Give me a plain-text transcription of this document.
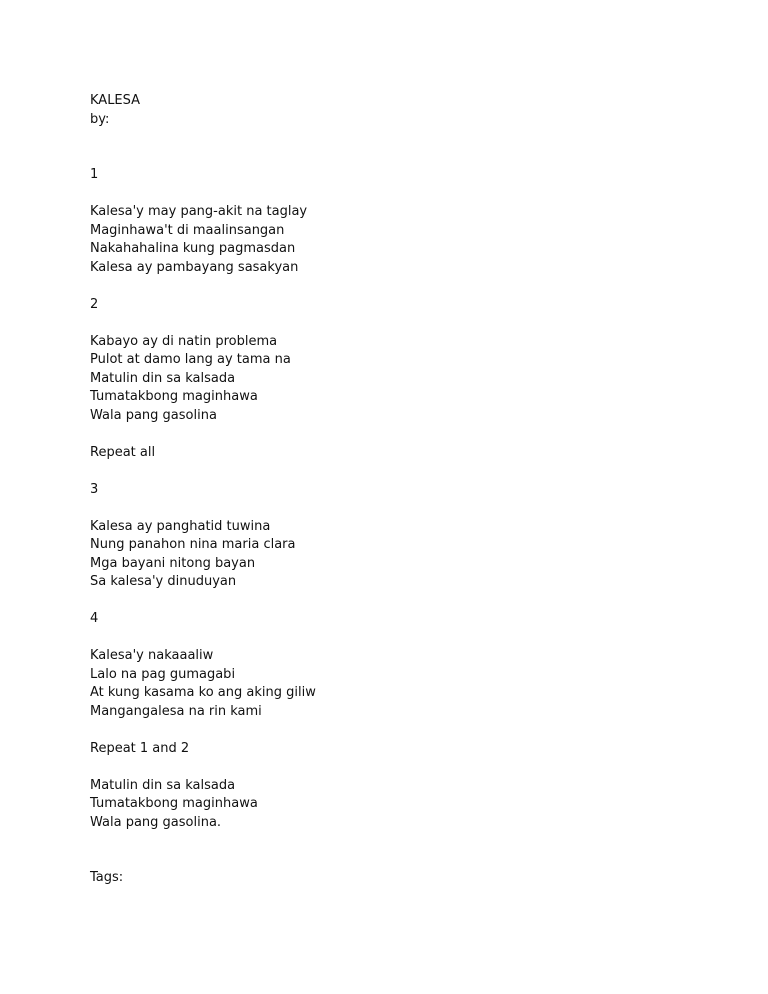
KALESA
by:
1
Kalesa'y may pang-akit na taglay
Maginhawa't di maalinsangan
Nakahahalina kung pagmasdan
Kalesa ay pambayang sasakyan
2
Kabayo ay di natin problema
Pulot at damo lang ay tama na
Matulin din sa kalsada
Tumatakbong maginhawa
Wala pang gasolina
Repeat all
3
Kalesa ay panghatid tuwina
Nung panahon nina maria clara
Mga bayani nitong bayan
Sa kalesa'y dinuduyan
4
Kalesa'y nakaaaliw
Lalo na pag gumagabi
At kung kasama ko ang aking giliw
Mangangalesa na rin kami
Repeat 1 and 2
Matulin din sa kalsada
Tumatakbong maginhawa
Wala pang gasolina.
Tags:
